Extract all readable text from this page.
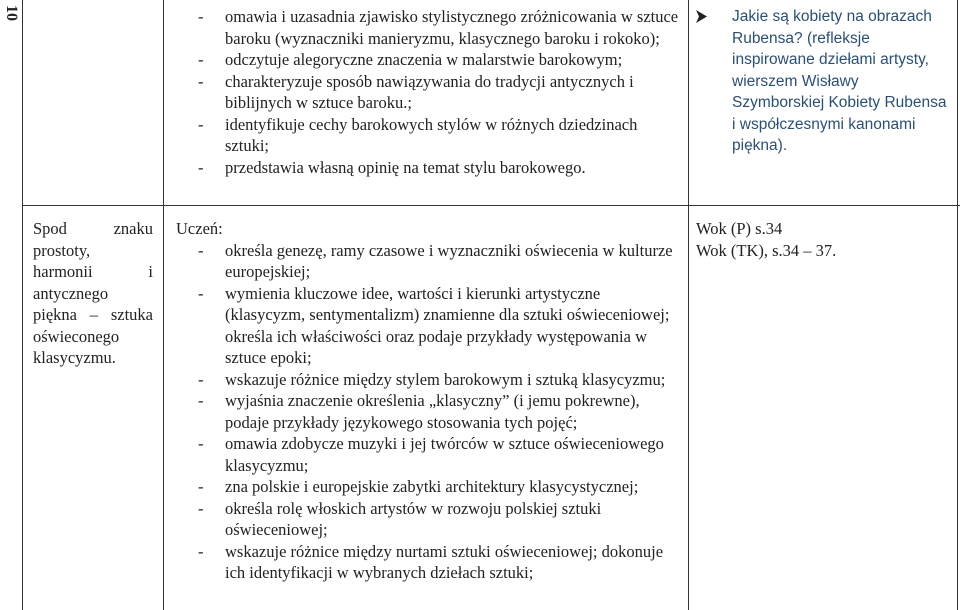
10
-	omawia i uzasadnia zjawisko stylistycznego zróżnicowania w sztuce baroku (wyznaczniki manieryzmu, klasycznego baroku i rokoko);
- odczytuje alegoryczne znaczenia w malarstwie barokowym;
- charakteryzuje sposób nawiązywania do tradycji antycznych i biblijnych w sztuce baroku.;
- identyfikuje cechy barokowych stylów w różnych dziedzinach sztuki;
- przedstawia własną opinię na temat stylu barokowego.
Jakie są kobiety na obrazach Rubensa? (refleksje inspirowane dziełami artysty, wierszem Wisławy Szymborskiej Kobiety Rubensa i współczesnymi kanonami piękna).
Spod znaku prostoty, harmonii i antycznego piękna – sztuka oświeconego klasycyzmu.
Uczeń:
- określa genezę, ramy czasowe i wyznaczniki oświecenia w kulturze europejskiej;
- wymienia kluczowe idee, wartości i kierunki artystyczne (klasycyzm, sentymentalizm) znamienne dla sztuki oświeceniowej; określa ich właściwości oraz podaje przykłady występowania w sztuce epoki;
- wskazuje różnice między stylem barokowym i sztuką klasycyzmu;
- wyjaśnia znaczenie określenia „klasyczny” (i jemu pokrewne), podaje przykłady językowego stosowania tych pojęć;
- omawia zdobycze muzyki i jej twórców w sztuce oświeceniowego klasycyzmu;
- zna polskie i europejskie zabytki architektury klasycystycznej;
- określa rolę włoskich artystów w rozwoju polskiej sztuki oświeceniowej;
- wskazuje różnice między nurtami sztuki oświeceniowej; dokonuje ich identyfikacji w wybranych dziełach sztuki;
Wok (P) s.34
Wok (TK), s.34 – 37.
